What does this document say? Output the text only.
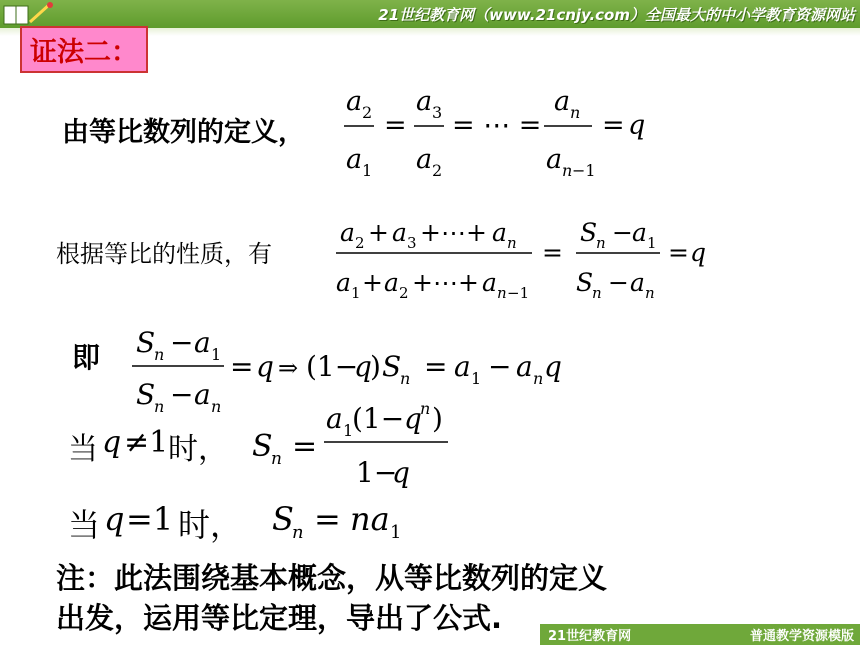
21世纪教育网（www.21cnjy.com）全国最大的中小学教育资源网站
证法二：
由等比数列的定义，
a 2
a 1
=
a 3
a 2
= ⋯ =
a n
a n −1
= q
根据等比的性质，有
a 2 + a 3 +⋯+ a n
a 1 + a 2 +⋯+ a n −1
=
S
n − a 1
S
n − a n
= q
即 S
n − a 1
S
n − a n
= q ⇒ (1−
q
) S
n = a 1 − a n q
当 q ≠1 时， S
n =
a 1
(1− q
n )
1−
q
当 q =1 时， S
n = na 1
注：此法围绕基本概念，从等比数列的定义
出发，运用等比定理，导出了公式.
21世纪教育网	普通教学资源模版
